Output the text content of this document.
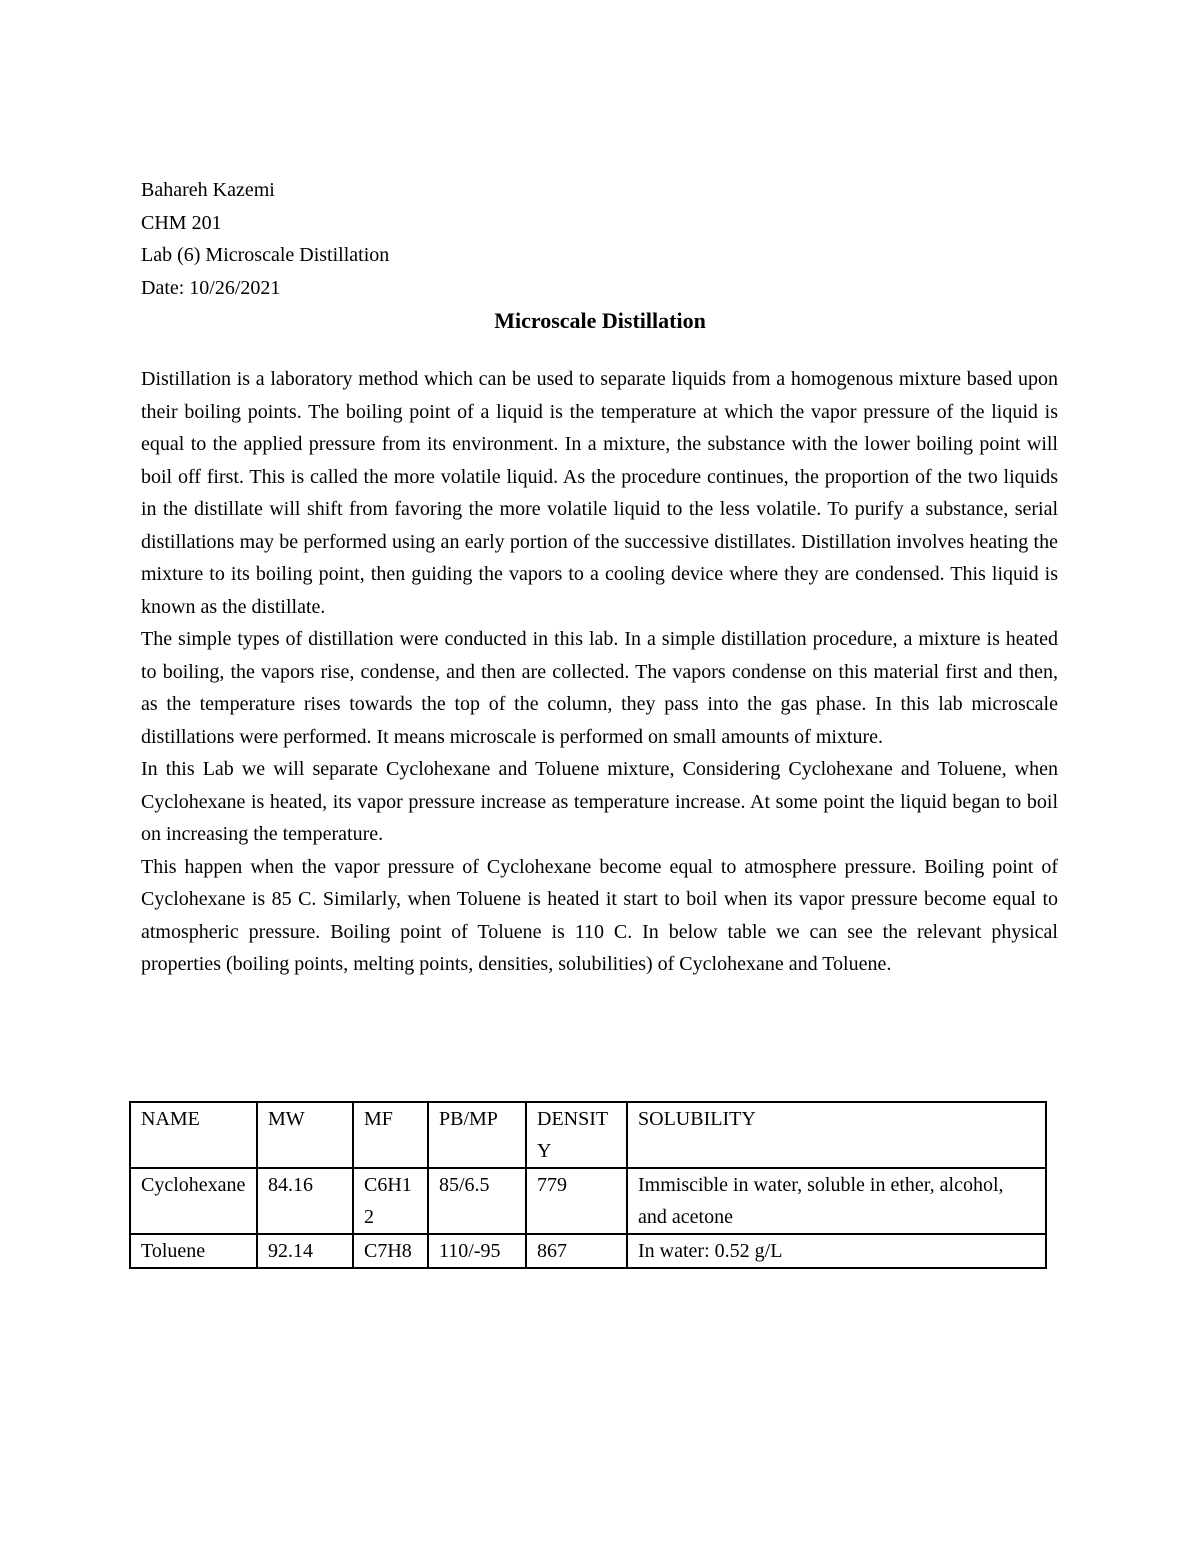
Bahareh Kazemi
CHM 201
Lab (6) Microscale Distillation
Date: 10/26/2021
Microscale Distillation

Distillation is a laboratory method which can be used to separate liquids from a homogenous mixture based upon their boiling points. The boiling point of a liquid is the temperature at which the vapor pressure of the liquid is equal to the applied pressure from its environment. In a mixture, the substance with the lower boiling point will boil off first. This is called the more volatile liquid. As the procedure continues, the proportion of the two liquids in the distillate will shift from favoring the more volatile liquid to the less volatile. To purify a substance, serial distillations may be performed using an early portion of the successive distillates. Distillation involves heating the mixture to its boiling point, then guiding the vapors to a cooling device where they are condensed. This liquid is known as the distillate.

The simple types of distillation were conducted in this lab. In a simple distillation procedure, a mixture is heated to boiling, the vapors rise, condense, and then are collected. The vapors condense on this material first and then, as the temperature rises towards the top of the column, they pass into the gas phase. In this lab microscale distillations were performed. It means microscale is performed on small amounts of mixture.

In this Lab we will separate Cyclohexane and Toluene mixture, Considering Cyclohexane and Toluene, when Cyclohexane is heated, its vapor pressure increase as temperature increase. At some point the liquid began to boil on increasing the temperature.

This happen when the vapor pressure of Cyclohexane become equal to atmosphere pressure. Boiling point of Cyclohexane is 85 C. Similarly, when Toluene is heated it start to boil when its vapor pressure become equal to atmospheric pressure. Boiling point of Toluene is 110 C. In below table we can see the relevant physical properties (boiling points, melting points, densities, solubilities) of Cyclohexane and Toluene.

NAME	MW	MF	PB/MP	DENSITY	SOLUBILITY
Cyclohexane	84.16	C6H12	85/6.5	779	Immiscible in water, soluble in ether, alcohol, and acetone
Toluene	92.14	C7H8	110/-95	867	In water: 0.52 g/L
